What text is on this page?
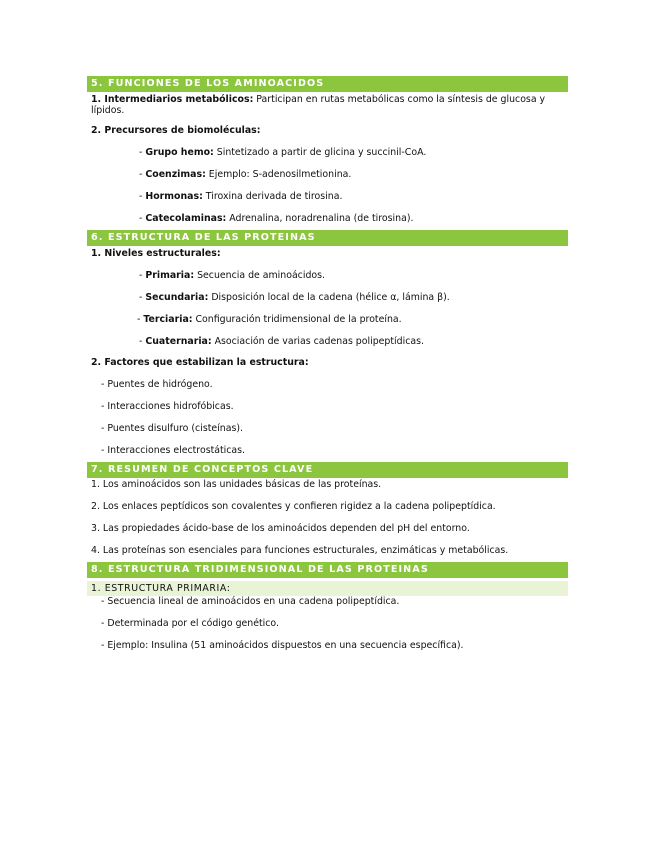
5. FUNCIONES DE LOS AMINOACIDOS
1. Intermediarios metabólicos: Participan en rutas metabólicas como la síntesis de glucosa y lípidos.
2. Precursores de biomoléculas:
- Grupo hemo: Sintetizado a partir de glicina y succinil-CoA.
- Coenzimas: Ejemplo: S-adenosilmetionina.
- Hormonas: Tiroxina derivada de tirosina.
- Catecolaminas: Adrenalina, noradrenalina (de tirosina).
6. ESTRUCTURA DE LAS PROTEINAS
1. Niveles estructurales:
- Primaria: Secuencia de aminoácidos.
- Secundaria: Disposición local de la cadena (hélice α, lámina β).
- Terciaria: Configuración tridimensional de la proteína.
- Cuaternaria: Asociación de varias cadenas polipeptídicas.
2. Factores que estabilizan la estructura:
- Puentes de hidrógeno.
- Interacciones hidrofóbicas.
- Puentes disulfuro (cisteínas).
- Interacciones electrostáticas.
7. RESUMEN DE CONCEPTOS CLAVE
1. Los aminoácidos son las unidades básicas de las proteínas.
2. Los enlaces peptídicos son covalentes y confieren rigidez a la cadena polipeptídica.
3. Las propiedades ácido-base de los aminoácidos dependen del pH del entorno.
4. Las proteínas son esenciales para funciones estructurales, enzimáticas y metabólicas.
8. ESTRUCTURA TRIDIMENSIONAL DE LAS PROTEINAS
1. ESTRUCTURA PRIMARIA:
- Secuencia lineal de aminoácidos en una cadena polipeptídica.
- Determinada por el código genético.
- Ejemplo: Insulina (51 aminoácidos dispuestos en una secuencia específica).
